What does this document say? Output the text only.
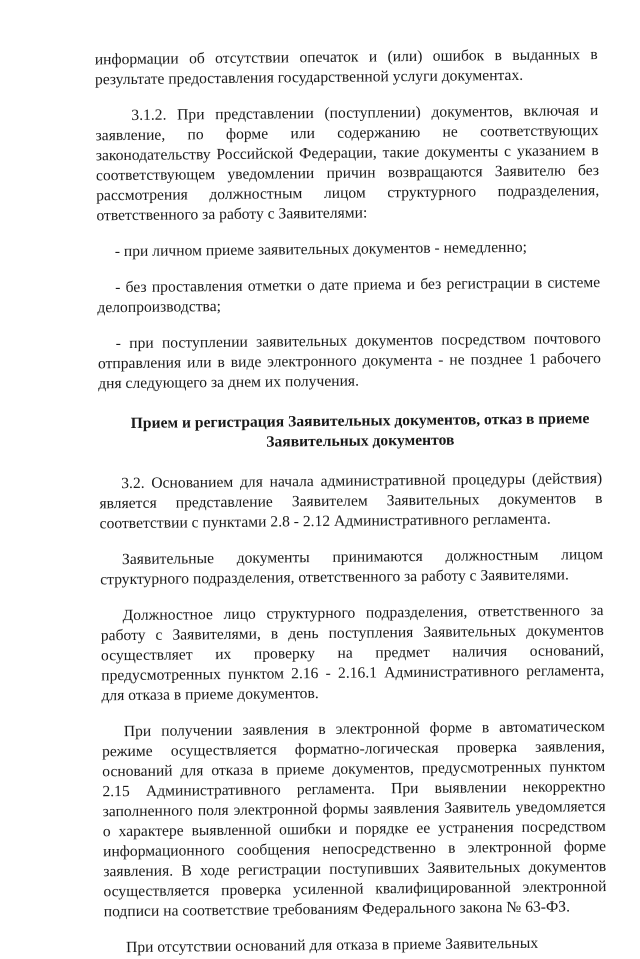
информации об отсутствии опечаток и (или) ошибок в выданных в результате предоставления государственной услуги документах.

3.1.2. При представлении (поступлении) документов, включая и заявление, по форме или содержанию не соответствующих законодательству Российской Федерации, такие документы с указанием в соответствующем уведомлении причин возвращаются Заявителю без рассмотрения должностным лицом структурного подразделения, ответственного за работу с Заявителями:

- при личном приеме заявительных документов - немедленно;

- без проставления отметки о дате приема и без регистрации в системе делопроизводства;

- при поступлении заявительных документов посредством почтового отправления или в виде электронного документа - не позднее 1 рабочего дня следующего за днем их получения.

Прием и регистрация Заявительных документов, отказ в приеме Заявительных документов

3.2. Основанием для начала административной процедуры (действия) является представление Заявителем Заявительных документов в соответствии с пунктами 2.8 - 2.12 Административного регламента.

Заявительные документы принимаются должностным лицом структурного подразделения, ответственного за работу с Заявителями.

Должностное лицо структурного подразделения, ответственного за работу с Заявителями, в день поступления Заявительных документов осуществляет их проверку на предмет наличия оснований, предусмотренных пунктом 2.16 - 2.16.1 Административного регламента, для отказа в приеме документов.

При получении заявления в электронной форме в автоматическом режиме осуществляется форматно-логическая проверка заявления, оснований для отказа в приеме документов, предусмотренных пунктом 2.15 Административного регламента. При выявлении некорректно заполненного поля электронной формы заявления Заявитель уведомляется о характере выявленной ошибки и порядке ее устранения посредством информационного сообщения непосредственно в электронной форме заявления. В ходе регистрации поступивших Заявительных документов осуществляется проверка усиленной квалифицированной электронной подписи на соответствие требованиям Федерального закона № 63-ФЗ.

При отсутствии оснований для отказа в приеме Заявительных
